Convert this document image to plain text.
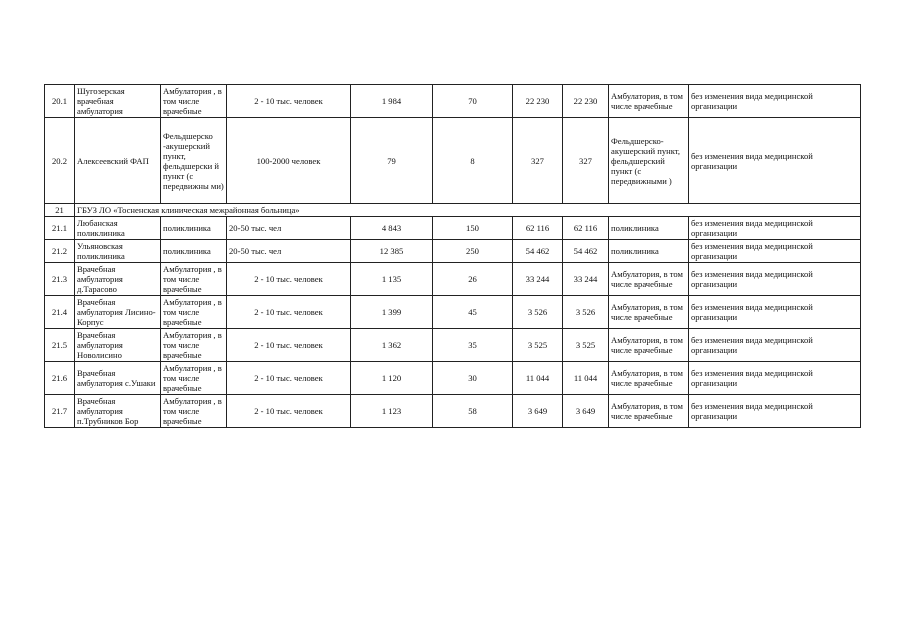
20.1	Шугозерская врачебная амбулатория	Амбулатория , в том числе врачебные	2 - 10 тыс. человек	1 984	70	22 230	22 230	Амбулатория, в том числе врачебные	без изменения вида медицинской организации
20.2	Алексеевский ФАП	Фельдшерско -акушерский пункт, фельдшерски й пункт (с передвижны ми)	100-2000 человек	79	8	327	327	Фельдшерско- акушерский пункт, фельдшерский пункт (с передвижными )	без изменения вида медицинской организации
21	ГБУЗ ЛО «Тосненская клиническая межрайонная больница»								
21.1	Любанская поликлиника	поликлиника	20-50 тыс. чел	4 843	150	62 116	62 116	поликлиника	без изменения вида медицинской организации
21.2	Ульяновская поликлиника	поликлиника	20-50 тыс. чел	12 385	250	54 462	54 462	поликлиника	без изменения вида медицинской организации
21.3	Врачебная амбулатория д.Тарасово	Амбулатория , в том числе врачебные	2 - 10 тыс. человек	1 135	26	33 244	33 244	Амбулатория, в том числе врачебные	без изменения вида медицинской организации
21.4	Врачебная амбулатория Лисино-Корпус	Амбулатория , в том числе врачебные	2 - 10 тыс. человек	1 399	45	3 526	3 526	Амбулатория, в том числе врачебные	без изменения вида медицинской организации
21.5	Врачебная амбулатория Новолисино	Амбулатория , в том числе врачебные	2 - 10 тыс. человек	1 362	35	3 525	3 525	Амбулатория, в том числе врачебные	без изменения вида медицинской организации
21.6	Врачебная амбулатория с.Ушаки	Амбулатория , в том числе врачебные	2 - 10 тыс. человек	1 120	30	11 044	11 044	Амбулатория, в том числе врачебные	без изменения вида медицинской организации
21.7	Врачебная амбулатория п.Трубников Бор	Амбулатория , в том числе врачебные	2 - 10 тыс. человек	1 123	58	3 649	3 649	Амбулатория, в том числе врачебные	без изменения вида медицинской организации
